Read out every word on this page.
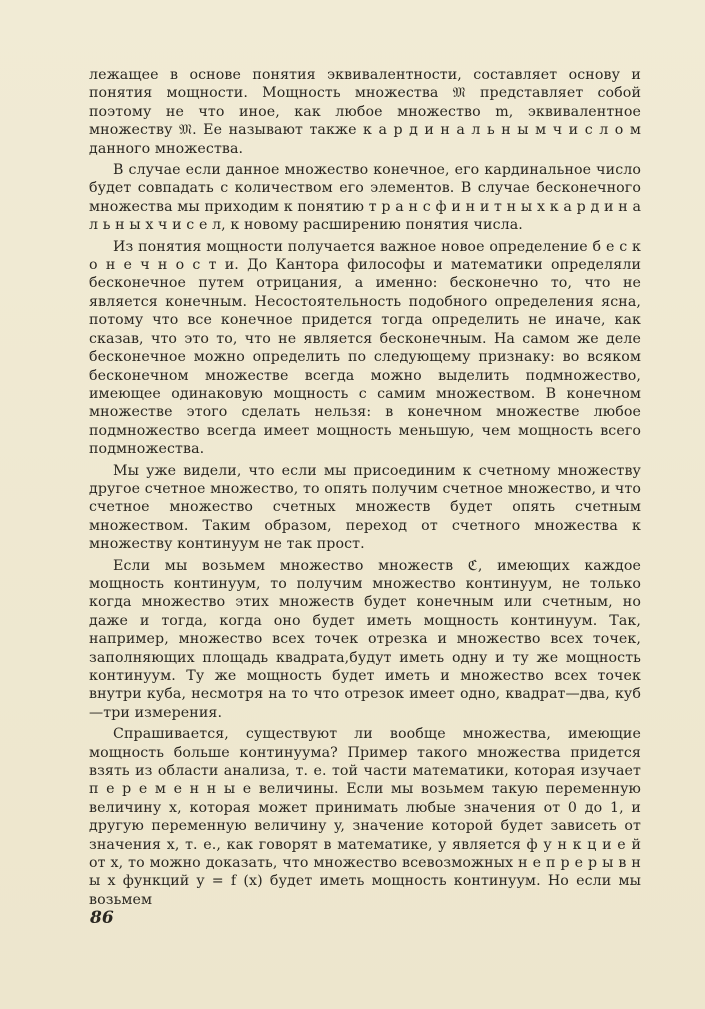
лежащее в основе понятия эквивалентности, составляет основу и понятия мощности. Мощность множества 𝔐 представляет собой поэтому не что иное, как любое множество m, эквивалентное множеству 𝔐. Ее называют также к а р д и н а л ь н ы м ч и с л о м данного множества.

В случае если данное множество конечное, его кардинальное число будет совпадать с количеством его элементов. В случае бесконечного множества мы приходим к понятию т р а н с ф и н и т н ы х к а р д и н а л ь н ы х ч и с е л, к новому расширению понятия числа.

Из понятия мощности получается важное новое определение б е с к о н е ч н о с т и. До Кантора философы и математики определяли бесконечное путем отрицания, а именно: бесконечно то, что не является конечным. Несостоятельность подобного определения ясна, потому что все конечное придется тогда определить не иначе, как сказав, что это то, что не является бесконечным. На самом же деле бесконечное можно определить по следующему признаку: во всяком бесконечном множестве всегда можно выделить подмножество, имеющее одинаковую мощность с самим множеством. В конечном множестве этого сделать нельзя: в конечном множестве любое подмножество всегда имеет мощность меньшую, чем мощность всего подмножества.

Мы уже видели, что если мы присоединим к счетному множеству другое счетное множество, то опять получим счетное множество, и что счетное множество счетных множеств будет опять счетным множеством. Таким образом, переход от счетного множества к множеству континуум не так прост.

Если мы возьмем множество множеств ℭ, имеющих каждое мощность континуум, то получим множество континуум, не только когда множество этих множеств будет конечным или счетным, но даже и тогда, когда оно будет иметь мощность континуум. Так, например, множество всех точек отрезка и множество всех точек, заполняющих площадь квадрата,будут иметь одну и ту же мощность континуум. Ту же мощность будет иметь и множество всех точек внутри куба, несмотря на то что отрезок имеет одно, квадрат—два, куб—три измерения.

Спрашивается, существуют ли вообще множества, имеющие мощность больше континуума? Пример такого множества придется взять из области анализа, т. е. той части математики, которая изучает п е р е м е н н ы е величины. Если мы возьмем такую переменную величину x, которая может принимать любые значения от 0 до 1, и другую переменную величину y, значение которой будет зависеть от значения x, т. е., как говорят в математике, y является ф у н к ц и е й от x, то можно доказать, что множество всевозможных н е п р е р ы в н ы х функций y = f (x) будет иметь мощность континуум. Но если мы возьмем

86
